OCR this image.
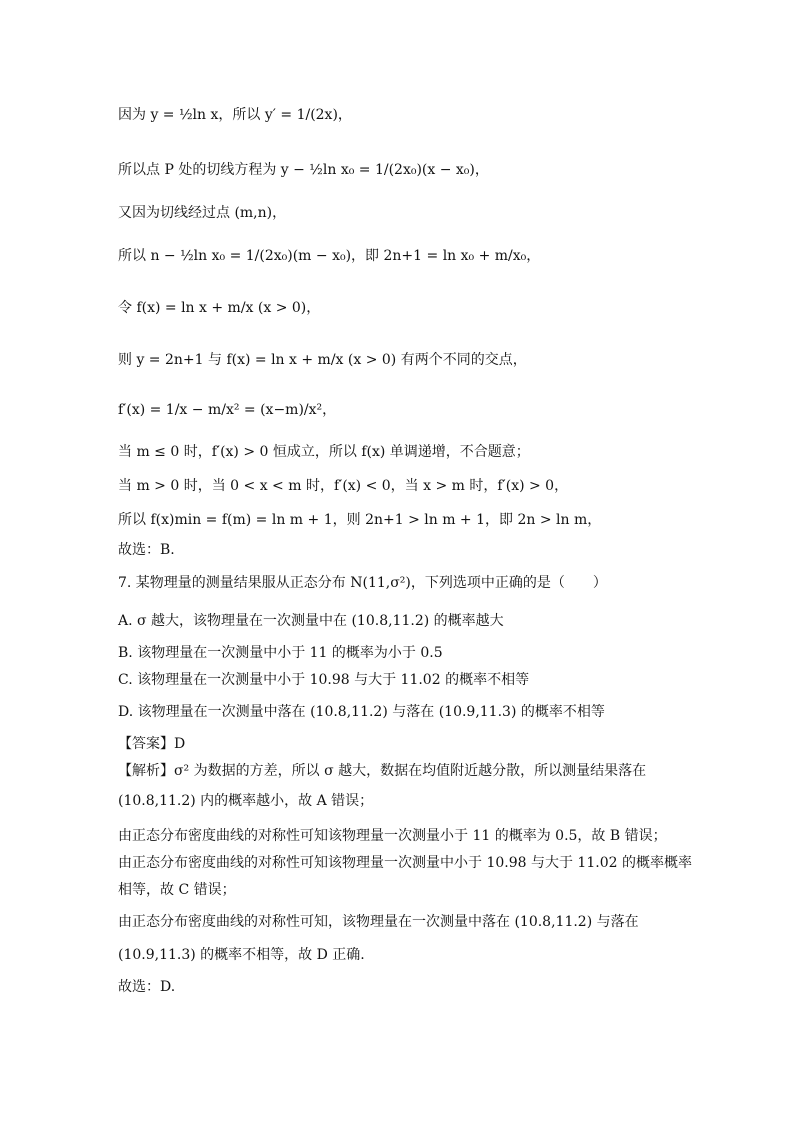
因为 y = ½ln x，所以 y′ = 1/(2x)，
所以点 P 处的切线方程为 y − ½ln x₀ = 1/(2x₀)(x − x₀)，
又因为切线经过点 (m,n)，
所以 n − ½ln x₀ = 1/(2x₀)(m − x₀)，即 2n+1 = ln x₀ + m/x₀，
令 f(x) = ln x + m/x (x > 0)，
则 y = 2n+1 与 f(x) = ln x + m/x (x > 0) 有两个不同的交点，
f′(x) = 1/x − m/x² = (x−m)/x²，
当 m ≤ 0 时，f′(x) > 0 恒成立，所以 f(x) 单调递增，不合题意；
当 m > 0 时，当 0 < x < m 时，f′(x) < 0，当 x > m 时，f′(x) > 0，
所以 f(x)min = f(m) = ln m + 1，则 2n+1 > ln m + 1，即 2n > ln m，
故选：B.
7. 某物理量的测量结果服从正态分布 N(11,σ²)，下列选项中正确的是（　　）
A. σ 越大，该物理量在一次测量中在 (10.8,11.2) 的概率越大
B. 该物理量在一次测量中小于 11 的概率为小于 0.5
C. 该物理量在一次测量中小于 10.98 与大于 11.02 的概率不相等
D. 该物理量在一次测量中落在 (10.8,11.2) 与落在 (10.9,11.3) 的概率不相等
【答案】D
【解析】σ² 为数据的方差，所以 σ 越大，数据在均值附近越分散，所以测量结果落在
(10.8,11.2) 内的概率越小，故 A 错误；
由正态分布密度曲线的对称性可知该物理量一次测量小于 11 的概率为 0.5，故 B 错误；
由正态分布密度曲线的对称性可知该物理量一次测量中小于 10.98 与大于 11.02 的概率概率
相等，故 C 错误；
由正态分布密度曲线的对称性可知，该物理量在一次测量中落在 (10.8,11.2) 与落在
(10.9,11.3) 的概率不相等，故 D 正确.
故选：D.
